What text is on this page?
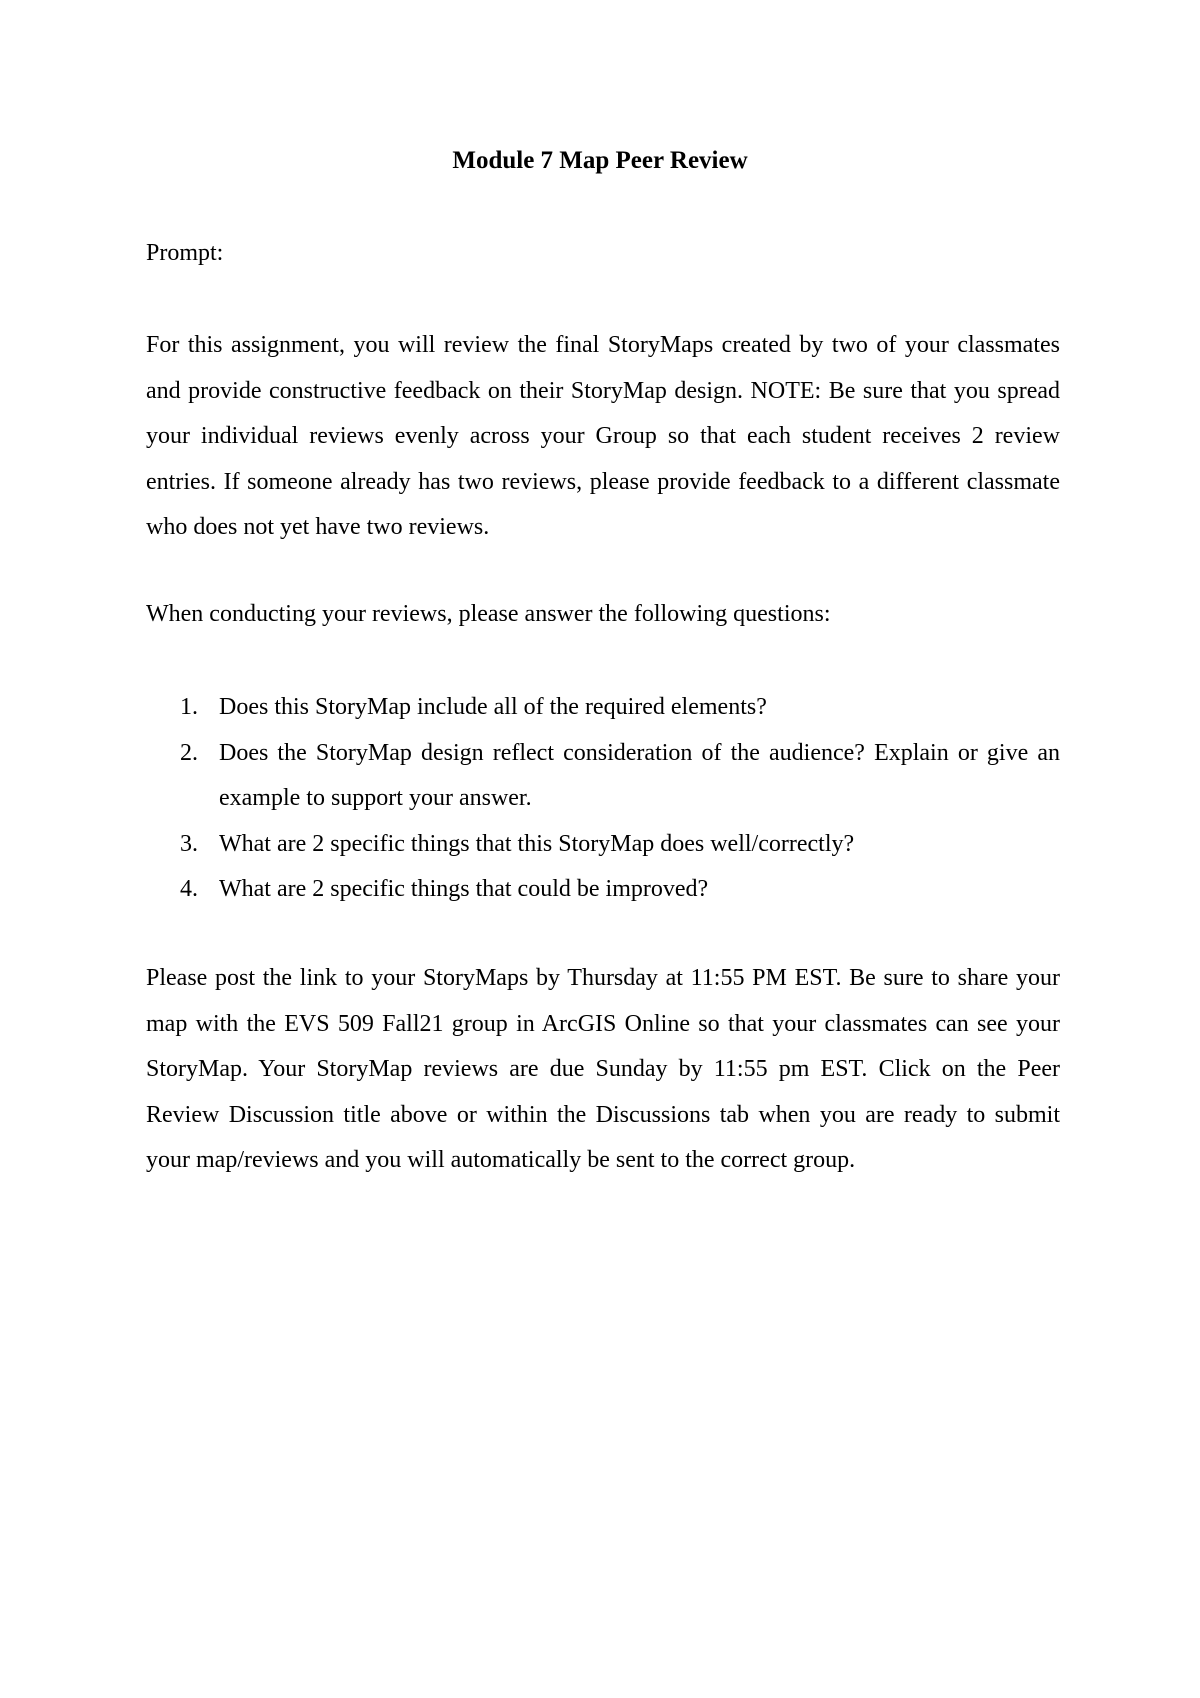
Module 7 Map Peer Review

Prompt:

For this assignment, you will review the final StoryMaps created by two of your classmates and provide constructive feedback on their StoryMap design. NOTE: Be sure that you spread your individual reviews evenly across your Group so that each student receives 2 review entries. If someone already has two reviews, please provide feedback to a different classmate who does not yet have two reviews.

When conducting your reviews, please answer the following questions:

1. Does this StoryMap include all of the required elements?
2. Does the StoryMap design reflect consideration of the audience? Explain or give an example to support your answer.
3. What are 2 specific things that this StoryMap does well/correctly?
4. What are 2 specific things that could be improved?

Please post the link to your StoryMaps by Thursday at 11:55 PM EST. Be sure to share your map with the EVS 509 Fall21 group in ArcGIS Online so that your classmates can see your StoryMap. Your StoryMap reviews are due Sunday by 11:55 pm EST. Click on the Peer Review Discussion title above or within the Discussions tab when you are ready to submit your map/reviews and you will automatically be sent to the correct group.
